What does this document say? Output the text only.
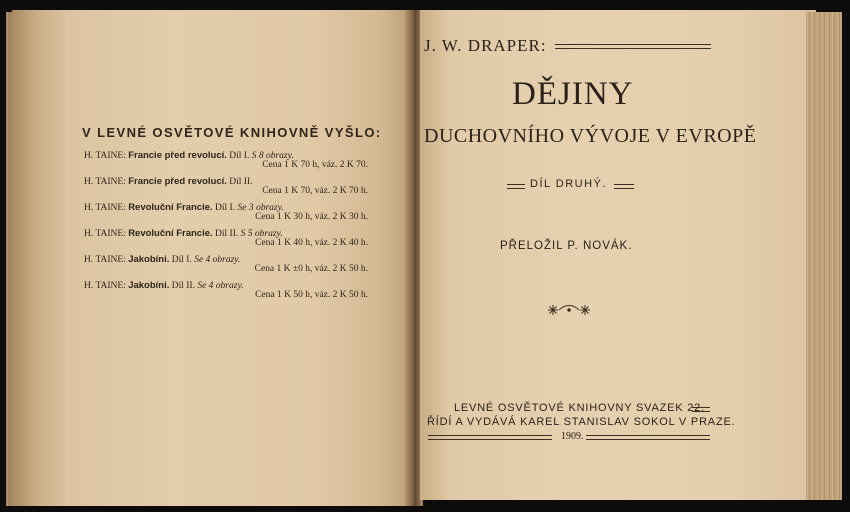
V LEVNÉ OSVĚTOVÉ KNIHOVNĚ VYŠLO:
H. TAINE: Francie před revolucí. Díl I. S 8 obrazy.
Cena 1 K 70 h, váz. 2 K 70.
H. TAINE: Francie před revolucí. Díl II.
Cena 1 K 70, váz. 2 K 70 h.
H. TAINE: Revoluční Francie. Díl I. Se 3 obrazy.
Cena 1 K 30 h, váz. 2 K 30 h.
H. TAINE: Revoluční Francie. Díl II. S 5 obrazy.
Cena 1 K 40 h, váz. 2 K 40 h.
H. TAINE: Jakobíni. Díl I. Se 4 obrazy.
Cena 1 K ±0 h, váz. 2 K 50 h.
H. TAINE: Jakobíni. Díl II. Se 4 obrazy.
Cena 1 K 50 h, váz. 2 K 50 h.
J. W. DRAPER:
DĚJINY
DUCHOVNÍHO VÝVOJE V EVROPĚ
DÍL DRUHÝ.
PŘELOŽIL P. NOVÁK.
LEVNÉ OSVĚTOVÉ KNIHOVNY SVAZEK 22.
ŘÍDÍ A VYDÁVÁ KAREL STANISLAV SOKOL V PRAZE.
1909.
